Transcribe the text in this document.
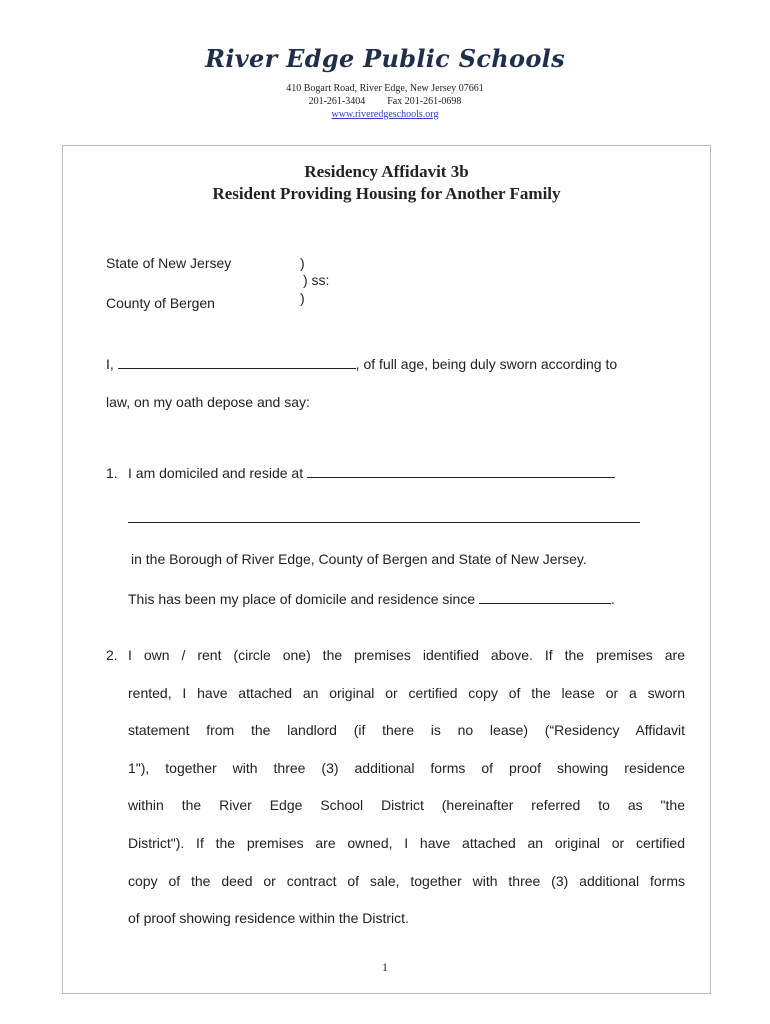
River Edge Public Schools
410 Bogart Road, River Edge, New Jersey 07661
201-261-3404 Fax 201-261-0698
www.riveredgeschools.org
Residency Affidavit 3b
Resident Providing Housing for Another Family
State of New Jersey
County of Bergen
)
) ss:
)
I,	, of full age, being duly sworn according to
law, on my oath depose and say:
1. I am domiciled and reside at
in the Borough of River Edge, County of Bergen and State of New Jersey.
This has been my place of domicile and residence since	.
2. I own / rent (circle one) the premises identified above. If the premises are
rented, I have attached an original or certified copy of the lease or a sworn
statement from the landlord (if there is no lease) (“Residency Affidavit
1"), together with three (3) additional forms of proof showing residence
within the River Edge School District (hereinafter referred to as "the
District"). If the premises are owned, I have attached an original or certified
copy of the deed or contract of sale, together with three (3) additional forms
of proof showing residence within the District.
1
